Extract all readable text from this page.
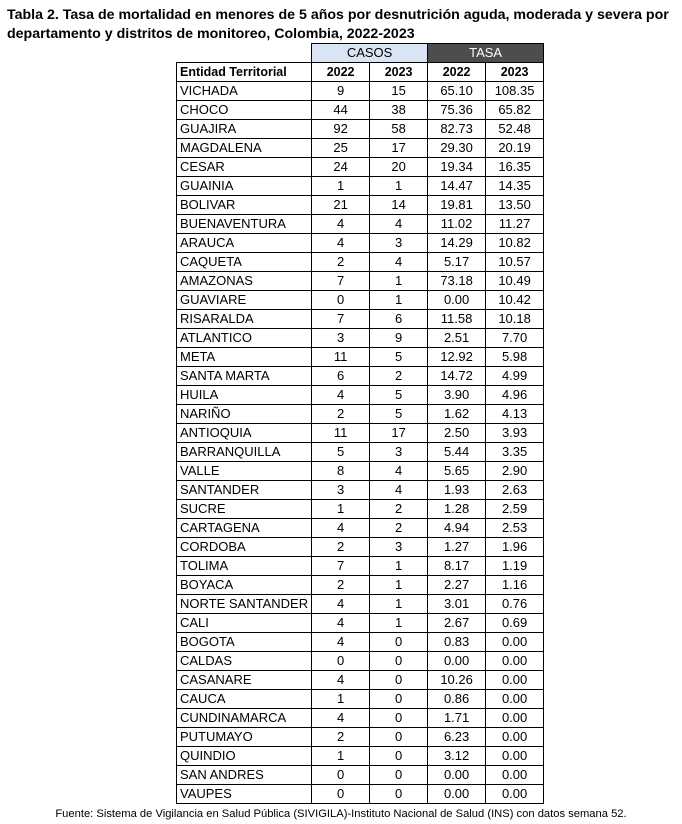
Tabla 2. Tasa de mortalidad en menores de 5 años por desnutrición aguda, moderada y severa por departamento y distritos de monitoreo, Colombia, 2022-2023

	CASOS		TASA	
Entidad Territorial	2022	2023	2022	2023
VICHADA	9	15	65.10	108.35
CHOCO	44	38	75.36	65.82
GUAJIRA	92	58	82.73	52.48
MAGDALENA	25	17	29.30	20.19
CESAR	24	20	19.34	16.35
GUAINIA	1	1	14.47	14.35
BOLIVAR	21	14	19.81	13.50
BUENAVENTURA	4	4	11.02	11.27
ARAUCA	4	3	14.29	10.82
CAQUETA	2	4	5.17	10.57
AMAZONAS	7	1	73.18	10.49
GUAVIARE	0	1	0.00	10.42
RISARALDA	7	6	11.58	10.18
ATLANTICO	3	9	2.51	7.70
META	11	5	12.92	5.98
SANTA MARTA	6	2	14.72	4.99
HUILA	4	5	3.90	4.96
NARIÑO	2	5	1.62	4.13
ANTIOQUIA	11	17	2.50	3.93
BARRANQUILLA	5	3	5.44	3.35
VALLE	8	4	5.65	2.90
SANTANDER	3	4	1.93	2.63
SUCRE	1	2	1.28	2.59
CARTAGENA	4	2	4.94	2.53
CORDOBA	2	3	1.27	1.96
TOLIMA	7	1	8.17	1.19
BOYACA	2	1	2.27	1.16
NORTE SANTANDER	4	1	3.01	0.76
CALI	4	1	2.67	0.69
BOGOTA	4	0	0.83	0.00
CALDAS	0	0	0.00	0.00
CASANARE	4	0	10.26	0.00
CAUCA	1	0	0.86	0.00
CUNDINAMARCA	4	0	1.71	0.00
PUTUMAYO	2	0	6.23	0.00
QUINDIO	1	0	3.12	0.00
SAN ANDRES	0	0	0.00	0.00
VAUPES	0	0	0.00	0.00

Fuente: Sistema de Vigilancia en Salud Pública (SIVIGILA)-Instituto Nacional de Salud (INS) con datos semana 52.
